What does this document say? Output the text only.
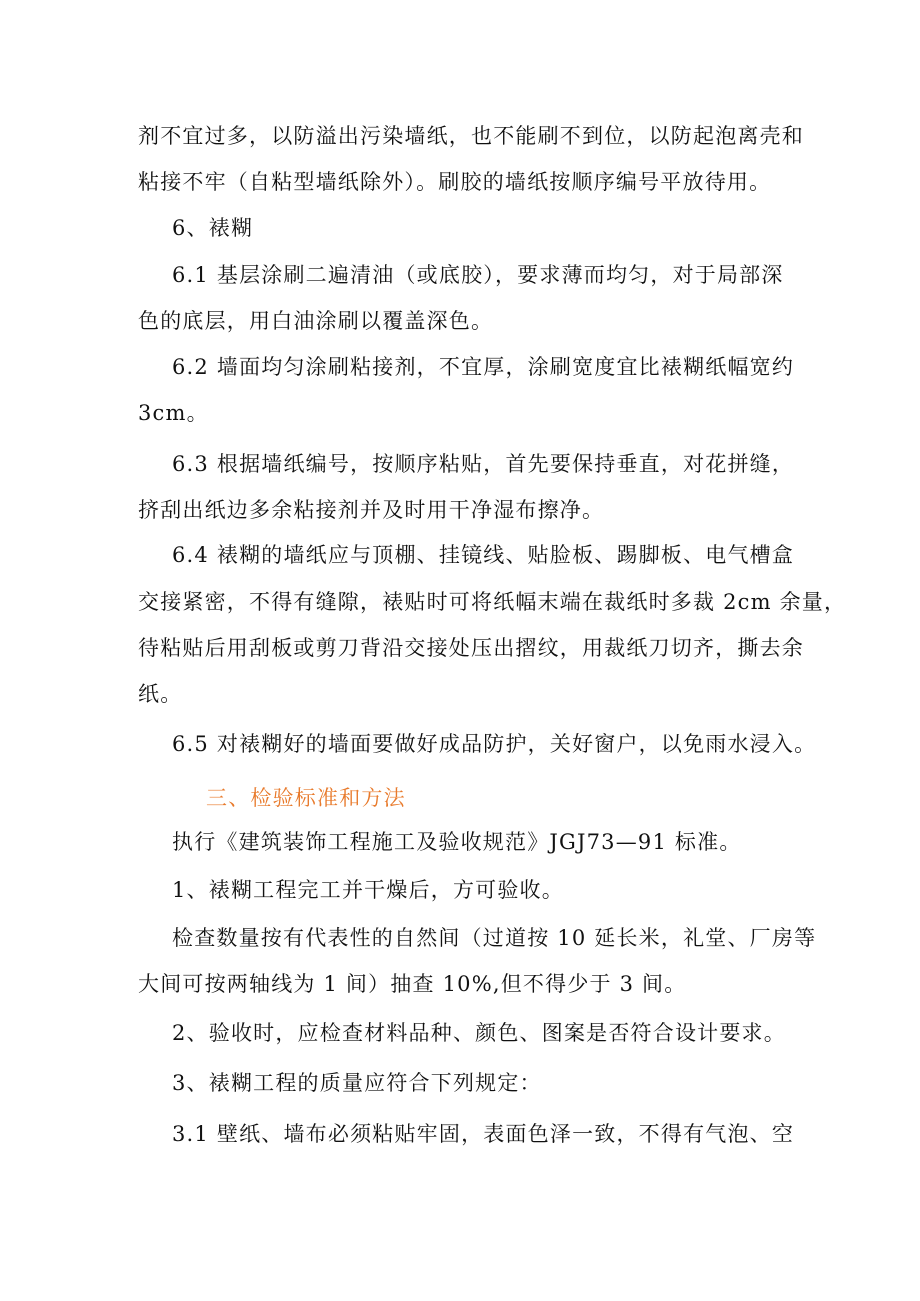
剂不宜过多，以防溢出污染墙纸，也不能刷不到位，以防起泡离壳和
粘接不牢（自粘型墙纸除外）。刷胶的墙纸按顺序编号平放待用。
6、裱糊
6.1 基层涂刷二遍清油（或底胶），要求薄而均匀，对于局部深
色的底层，用白油涂刷以覆盖深色。
6.2 墙面均匀涂刷粘接剂，不宜厚，涂刷宽度宜比裱糊纸幅宽约
3cm。
6.3 根据墙纸编号，按顺序粘贴，首先要保持垂直，对花拼缝，
挤刮出纸边多余粘接剂并及时用干净湿布擦净。
6.4 裱糊的墙纸应与顶棚、挂镜线、贴脸板、踢脚板、电气槽盒
交接紧密，不得有缝隙，裱贴时可将纸幅末端在裁纸时多裁 2cm 余量，
待粘贴后用刮板或剪刀背沿交接处压出摺纹，用裁纸刀切齐，撕去余
纸。
6.5 对裱糊好的墙面要做好成品防护，关好窗户，以免雨水浸入。
三、检验标准和方法
执行《建筑装饰工程施工及验收规范》JGJ73—91 标准。
1、裱糊工程完工并干燥后，方可验收。
检查数量按有代表性的自然间（过道按 10 延长米，礼堂、厂房等
大间可按两轴线为 1 间）抽查 10%,但不得少于 3 间。
2、验收时，应检查材料品种、颜色、图案是否符合设计要求。
3、裱糊工程的质量应符合下列规定：
3.1 壁纸、墙布必须粘贴牢固，表面色泽一致，不得有气泡、空
